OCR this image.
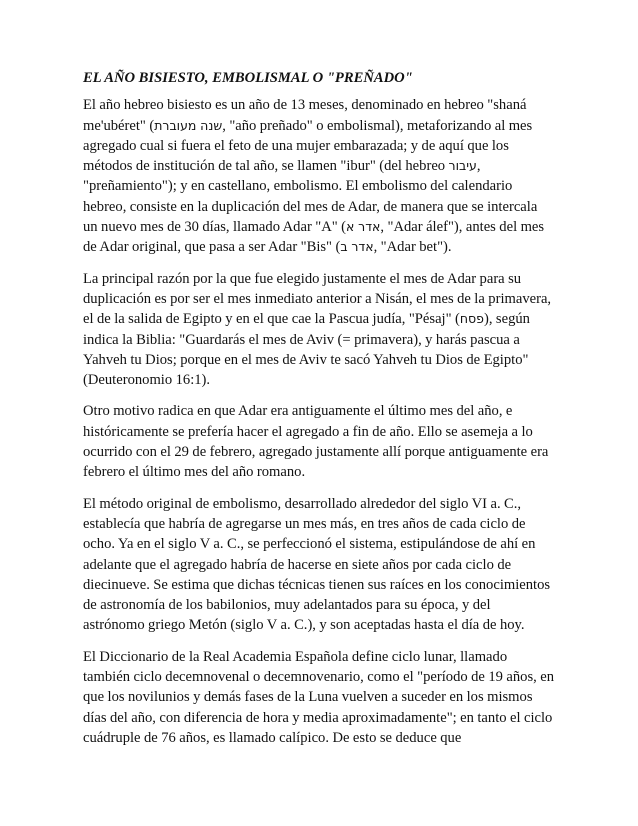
EL AÑO BISIESTO, EMBOLISMAL O "PREÑADO"

El año hebreo bisiesto es un año de 13 meses, denominado en hebreo "shaná me'ubéret" (שנה מעוברת, "año preñado" o embolismal), metaforizando al mes agregado cual si fuera el feto de una mujer embarazada; y de aquí que los métodos de institución de tal año, se llamen "ibur" (del hebreo עיבור, "preñamiento"); y en castellano, embolismo. El embolismo del calendario hebreo, consiste en la duplicación del mes de Adar, de manera que se intercala un nuevo mes de 30 días, llamado Adar "A" (אדר א, "Adar álef"), antes del mes de Adar original, que pasa a ser Adar "Bis" (אדר ב, "Adar bet").

La principal razón por la que fue elegido justamente el mes de Adar para su duplicación es por ser el mes inmediato anterior a Nisán, el mes de la primavera, el de la salida de Egipto y en el que cae la Pascua judía, "Pésaj" (פסח), según indica la Biblia: "Guardarás el mes de Aviv (= primavera), y harás pascua a Yahveh tu Dios; porque en el mes de Aviv te sacó Yahveh tu Dios de Egipto" (Deuteronomio 16:1).

Otro motivo radica en que Adar era antiguamente el último mes del año, e históricamente se prefería hacer el agregado a fin de año. Ello se asemeja a lo ocurrido con el 29 de febrero, agregado justamente allí porque antiguamente era febrero el último mes del año romano.

El método original de embolismo, desarrollado alrededor del siglo VI a. C., establecía que habría de agregarse un mes más, en tres años de cada ciclo de ocho. Ya en el siglo V a. C., se perfeccionó el sistema, estipulándose de ahí en adelante que el agregado habría de hacerse en siete años por cada ciclo de diecinueve. Se estima que dichas técnicas tienen sus raíces en los conocimientos de astronomía de los babilonios, muy adelantados para su época, y del astrónomo griego Metón (siglo V a. C.), y son aceptadas hasta el día de hoy.

El Diccionario de la Real Academia Española define ciclo lunar, llamado también ciclo decemnovenal o decemnovenario, como el "período de 19 años, en que los novilunios y demás fases de la Luna vuelven a suceder en los mismos días del año, con diferencia de hora y media aproximadamente"; en tanto el ciclo cuádruple de 76 años, es llamado calípico. De esto se deduce que
